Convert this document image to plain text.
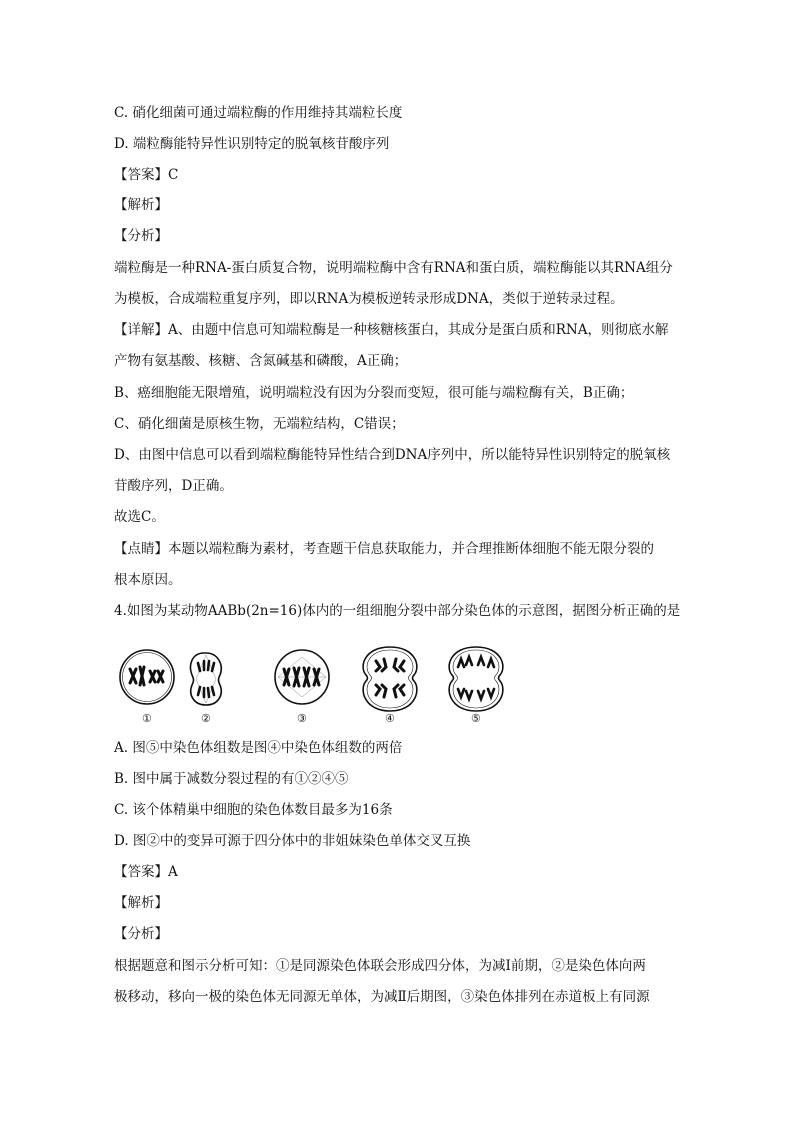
C. 硝化细菌可通过端粒酶的作用维持其端粒长度
D. 端粒酶能特异性识别特定的脱氧核苷酸序列
【答案】C
【解析】
【分析】
端粒酶是一种RNA-蛋白质复合物，说明端粒酶中含有RNA和蛋白质，端粒酶能以其RNA组分
为模板，合成端粒重复序列，即以RNA为模板逆转录形成DNA，类似于逆转录过程。
【详解】A、由题中信息可知端粒酶是一种核糖核蛋白，其成分是蛋白质和RNA，则彻底水解
产物有氨基酸、核糖、含氮碱基和磷酸，A正确；
B、癌细胞能无限增殖，说明端粒没有因为分裂而变短，很可能与端粒酶有关，B正确；
C、硝化细菌是原核生物，无端粒结构，C错误；
D、由图中信息可以看到端粒酶能特异性结合到DNA序列中，所以能特异性识别特定的脱氧核
苷酸序列，D正确。
故选C。
【点睛】本题以端粒酶为素材，考查题干信息获取能力，并合理推断体细胞不能无限分裂的
根本原因。
4.如图为某动物AABb(2n=16)体内的一组细胞分裂中部分染色体的示意图，据图分析正确的是
①	②	③	④	⑤
A. 图⑤中染色体组数是图④中染色体组数的两倍
B. 图中属于减数分裂过程的有①②④⑤
C. 该个体精巢中细胞的染色体数目最多为16条
D. 图②中的变异可源于四分体中的非姐妹染色单体交叉互换
【答案】A
【解析】
【分析】
根据题意和图示分析可知：①是同源染色体联会形成四分体，为减Ⅰ前期，②是染色体向两
极移动，移向一极的染色体无同源无单体，为减Ⅱ后期图，③染色体排列在赤道板上有同源
